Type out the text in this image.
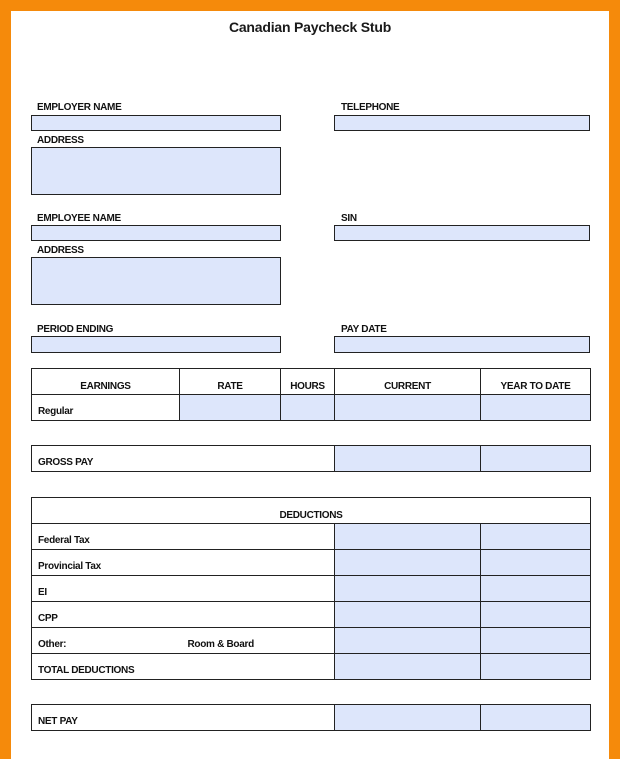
Canadian Paycheck Stub
EMPLOYER NAME	TELEPHONE
ADDRESS
EMPLOYEE NAME	SIN
ADDRESS
PERIOD ENDING	PAY DATE
EARNINGS	RATE	HOURS	CURRENT	YEAR TO DATE
Regular				
GROSS PAY		
DEDUCTIONS			
Federal Tax			
Provincial Tax			
EI			
CPP			
Other:	Room & Board		
TOTAL DEDUCTIONS			
NET PAY		
